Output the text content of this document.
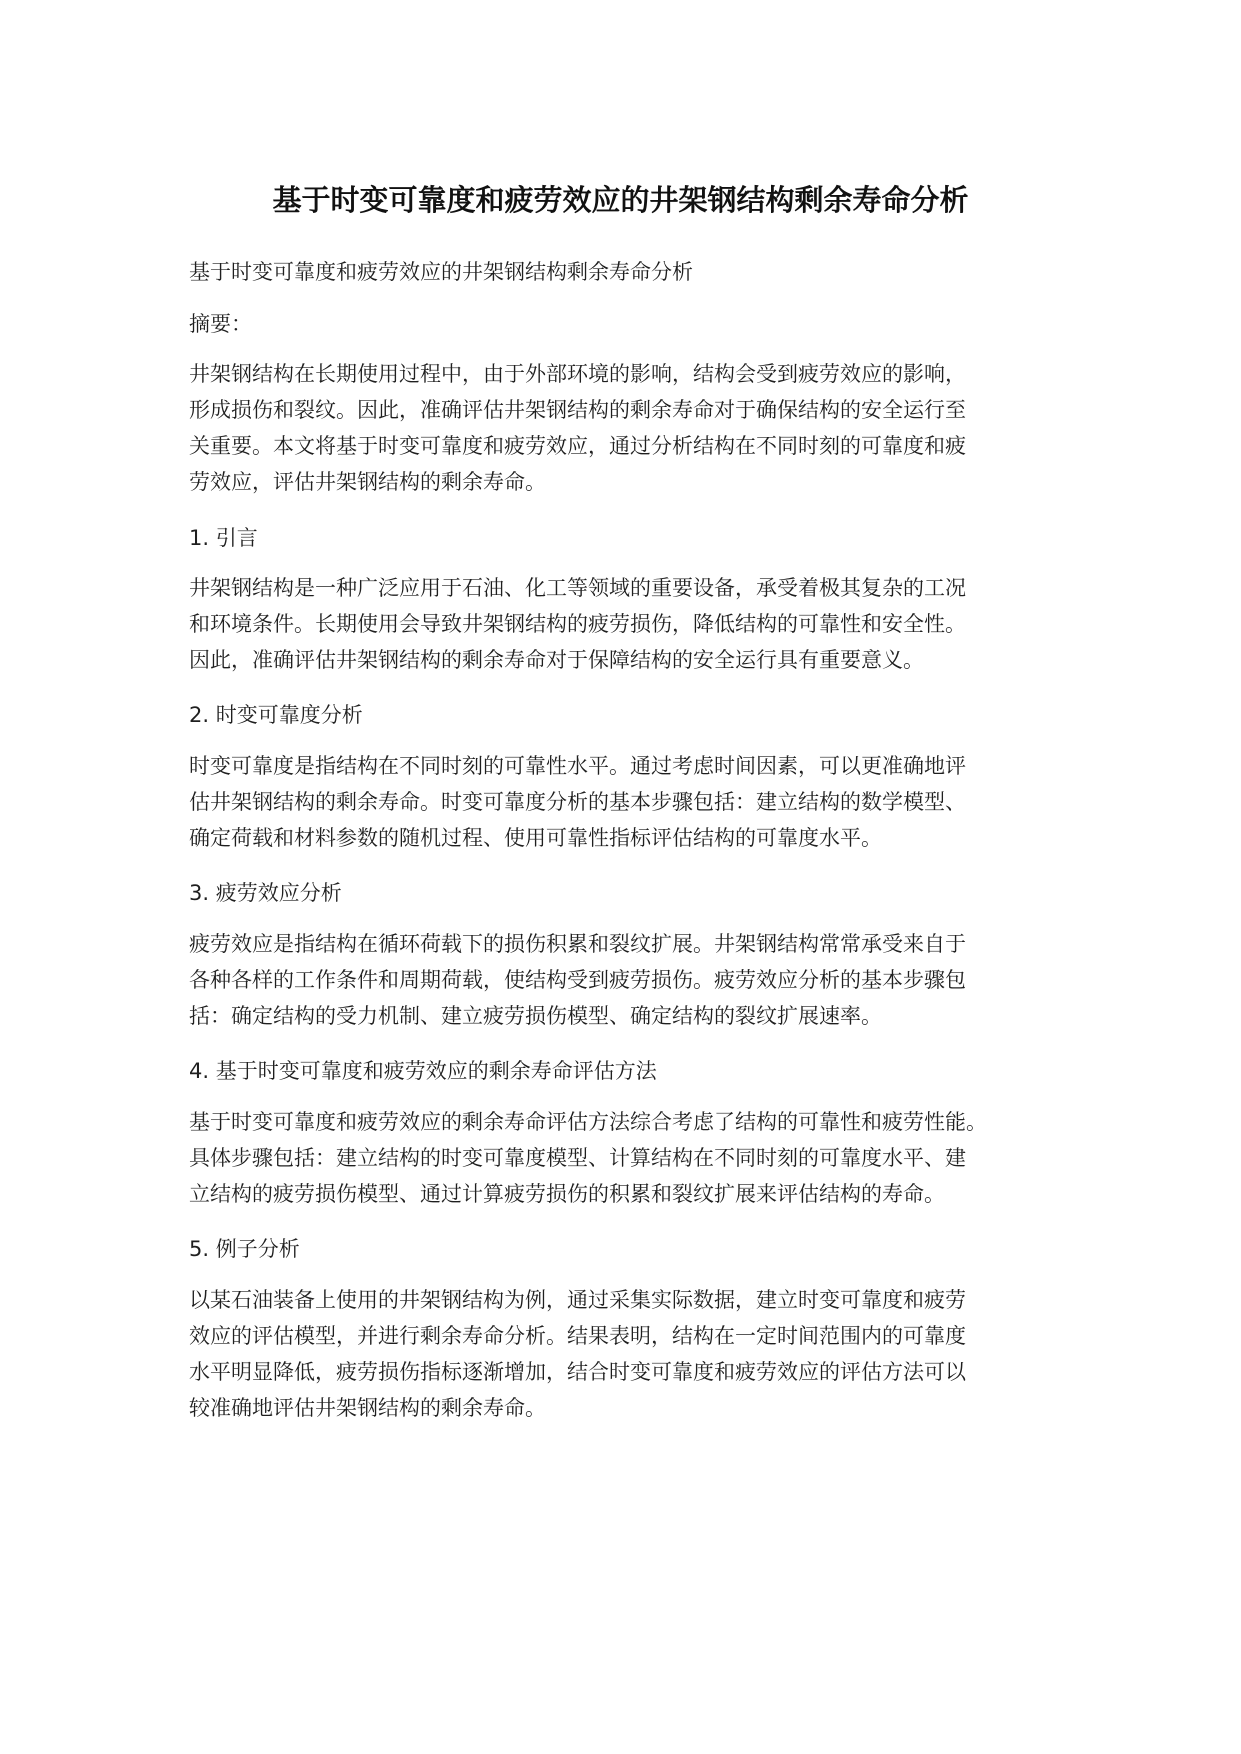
基于时变可靠度和疲劳效应的井架钢结构剩余寿命分析
基于时变可靠度和疲劳效应的井架钢结构剩余寿命分析
摘要：
井架钢结构在长期使用过程中，由于外部环境的影响，结构会受到疲劳效应的影响，
形成损伤和裂纹。因此，准确评估井架钢结构的剩余寿命对于确保结构的安全运行至
关重要。本文将基于时变可靠度和疲劳效应，通过分析结构在不同时刻的可靠度和疲
劳效应，评估井架钢结构的剩余寿命。
1. 引言
井架钢结构是一种广泛应用于石油、化工等领域的重要设备，承受着极其复杂的工况
和环境条件。长期使用会导致井架钢结构的疲劳损伤，降低结构的可靠性和安全性。
因此，准确评估井架钢结构的剩余寿命对于保障结构的安全运行具有重要意义。
2. 时变可靠度分析
时变可靠度是指结构在不同时刻的可靠性水平。通过考虑时间因素，可以更准确地评
估井架钢结构的剩余寿命。时变可靠度分析的基本步骤包括：建立结构的数学模型、
确定荷载和材料参数的随机过程、使用可靠性指标评估结构的可靠度水平。
3. 疲劳效应分析
疲劳效应是指结构在循环荷载下的损伤积累和裂纹扩展。井架钢结构常常承受来自于
各种各样的工作条件和周期荷载，使结构受到疲劳损伤。疲劳效应分析的基本步骤包
括：确定结构的受力机制、建立疲劳损伤模型、确定结构的裂纹扩展速率。
4. 基于时变可靠度和疲劳效应的剩余寿命评估方法
基于时变可靠度和疲劳效应的剩余寿命评估方法综合考虑了结构的可靠性和疲劳性能。
具体步骤包括：建立结构的时变可靠度模型、计算结构在不同时刻的可靠度水平、建
立结构的疲劳损伤模型、通过计算疲劳损伤的积累和裂纹扩展来评估结构的寿命。
5. 例子分析
以某石油装备上使用的井架钢结构为例，通过采集实际数据，建立时变可靠度和疲劳
效应的评估模型，并进行剩余寿命分析。结果表明，结构在一定时间范围内的可靠度
水平明显降低，疲劳损伤指标逐渐增加，结合时变可靠度和疲劳效应的评估方法可以
较准确地评估井架钢结构的剩余寿命。
